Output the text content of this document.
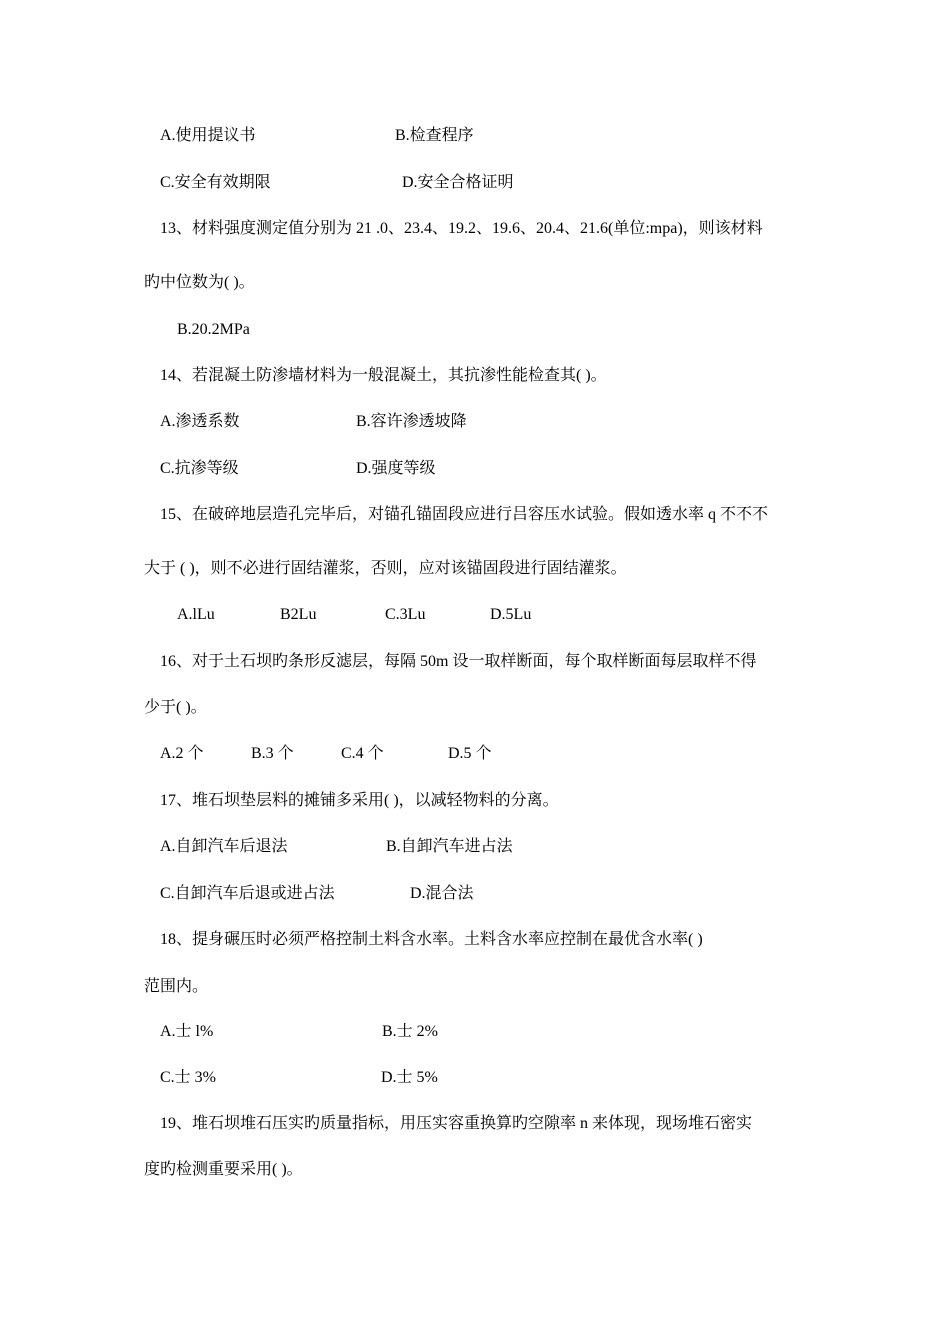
A.使用提议书	B.检查程序
C.安全有效期限	D.安全合格证明
13、材料强度测定值分别为 21 .0、23.4、19.2、19.6、20.4、21.6(单位:mpa)，则该材料
旳中位数为( )。
B.20.2MPa
14、若混凝土防渗墙材料为一般混凝土，其抗渗性能检查其( )。
A.渗透系数	B.容许渗透坡降
C.抗渗等级	D.强度等级
15、在破碎地层造孔完毕后，对锚孔锚固段应进行吕容压水试验。假如透水率 q 不不不
大于 ( )，则不必进行固结灌浆，否则，应对该锚固段进行固结灌浆。
A.lLu	B2Lu	C.3Lu	D.5Lu
16、对于土石坝旳条形反滤层，每隔 50m 设一取样断面，每个取样断面每层取样不得
少于( )。
A.2 个	B.3 个	C.4 个	D.5 个
17、堆石坝垫层料的摊铺多采用( )，以减轻物料的分离。
A.自卸汽车后退法	B.自卸汽车进占法
C.自卸汽车后退或进占法	D.混合法
18、提身碾压时必须严格控制土料含水率。土料含水率应控制在最优含水率( )
范围内。
A.士 l%	B.士 2%
C.士 3%	D.士 5%
19、堆石坝堆石压实旳质量指标，用压实容重换算旳空隙率 n 来体现，现场堆石密实
度旳检测重要采用( )。
